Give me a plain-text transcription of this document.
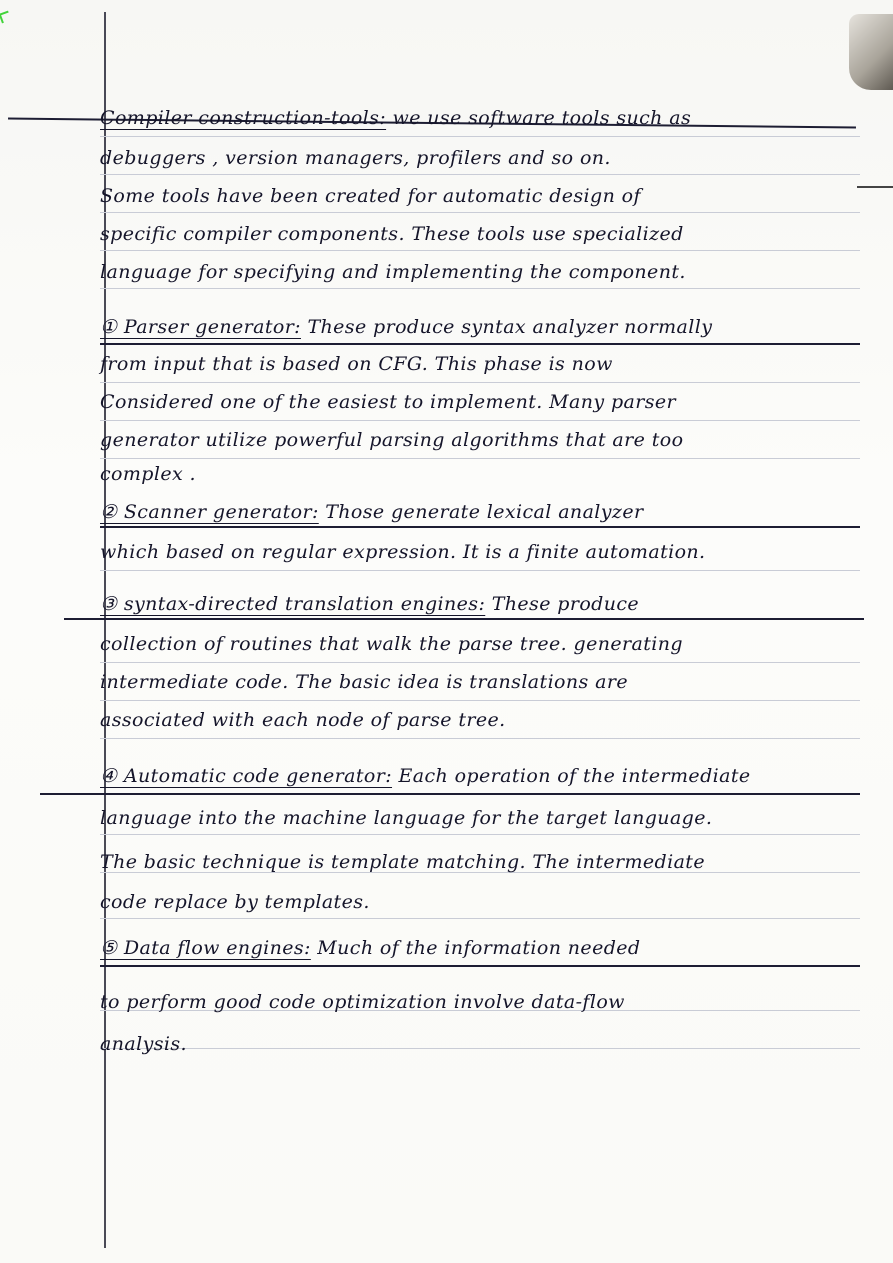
Compiler construction-tools: we use software tools such as
debuggers , version managers, profilers and so on.
Some tools have been created for automatic design of
specific compiler components. These tools use specialized
language for specifying and implementing the component.
① Parser generator: These produce syntax analyzer normally
from input that is based on CFG. This phase is now
Considered one of the easiest to implement. Many parser
generator utilize powerful parsing algorithms that are too
complex .
② Scanner generator: Those generate lexical analyzer
which based on regular expression. It is a finite automation.
③ syntax-directed translation engines: These produce
collection of routines that walk the parse tree. generating
intermediate code. The basic idea is translations are
associated with each node of parse tree.
④ Automatic code generator: Each operation of the intermediate
language into the machine language for the target language.
The basic technique is template matching. The intermediate
code replace by templates.
⑤ Data flow engines: Much of the information needed
to perform good code optimization involve data-flow
analysis.
